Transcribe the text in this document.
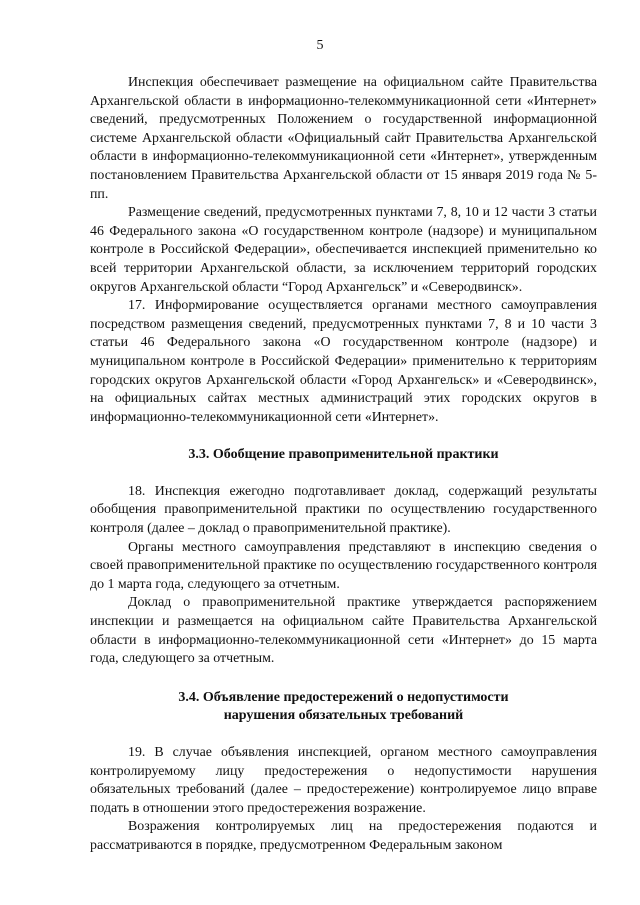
5

Инспекция обеспечивает размещение на официальном сайте Правительства Архангельской области в информационно-телекоммуникационной сети «Интернет» сведений, предусмотренных Положением о государственной информационной системе Архангельской области «Официальный сайт Правительства Архангельской области в информационно-телекоммуникационной сети «Интернет», утвержденным постановлением Правительства Архангельской области от 15 января 2019 года № 5-пп.

Размещение сведений, предусмотренных пунктами 7, 8, 10 и 12 части 3 статьи 46 Федерального закона «О государственном контроле (надзоре) и муниципальном контроле в Российской Федерации», обеспечивается инспекцией применительно ко всей территории Архангельской области, за исключением территорий городских округов Архангельской области “Город Архангельск” и «Северодвинск».

17. Информирование осуществляется органами местного самоуправления посредством размещения сведений, предусмотренных пунктами 7, 8 и 10 части 3 статьи 46 Федерального закона «О государственном контроле (надзоре) и муниципальном контроле в Российской Федерации» применительно к территориям городских округов Архангельской области «Город Архангельск» и «Северодвинск», на официальных сайтах местных администраций этих городских округов в информационно-телекоммуникационной сети «Интернет».

3.3. Обобщение правоприменительной практики

18. Инспекция ежегодно подготавливает доклад, содержащий результаты обобщения правоприменительной практики по осуществлению государственного контроля (далее – доклад о правоприменительной практике).

Органы местного самоуправления представляют в инспекцию сведения о своей правоприменительной практике по осуществлению государственного контроля до 1 марта года, следующего за отчетным.

Доклад о правоприменительной практике утверждается распоряжением инспекции и размещается на официальном сайте Правительства Архангельской области в информационно-телекоммуникационной сети «Интернет» до 15 марта года, следующего за отчетным.

3.4. Объявление предостережений о недопустимости
нарушения обязательных требований

19. В случае объявления инспекцией, органом местного самоуправления контролируемому лицу предостережения о недопустимости нарушения обязательных требований (далее – предостережение) контролируемое лицо вправе подать в отношении этого предостережения возражение.

Возражения контролируемых лиц на предостережения подаются и рассматриваются в порядке, предусмотренном Федеральным законом
